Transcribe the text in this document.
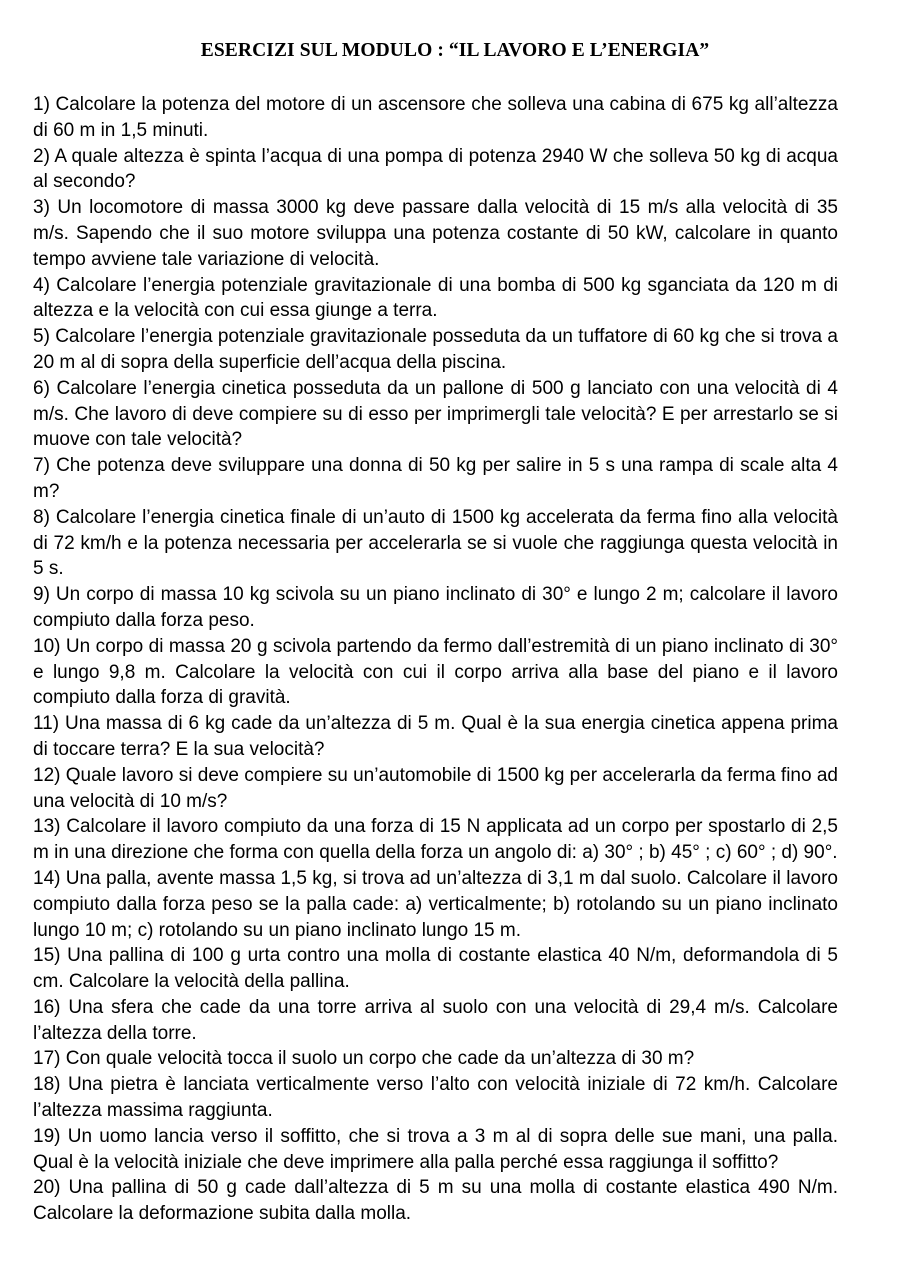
ESERCIZI SUL MODULO : “IL LAVORO E L’ENERGIA”
1) Calcolare la potenza del motore di un ascensore che solleva una cabina di 675 kg all’altezza di 60 m in 1,5 minuti.
2) A quale altezza è spinta l’acqua di una pompa di potenza 2940 W che solleva 50 kg di acqua al secondo?
3) Un locomotore di massa 3000 kg deve passare dalla velocità di 15 m/s alla velocità di 35 m/s. Sapendo che il suo motore sviluppa una potenza costante di 50 kW, calcolare in quanto tempo avviene tale variazione di velocità.
4) Calcolare l’energia potenziale gravitazionale di una bomba di 500 kg sganciata da 120 m di altezza e la velocità con cui essa giunge a terra.
5) Calcolare l’energia potenziale gravitazionale posseduta da un tuffatore di 60 kg che si trova a 20 m al di sopra della superficie dell’acqua della piscina.
6) Calcolare l’energia cinetica posseduta da un pallone di 500 g lanciato con una velocità di 4 m/s. Che lavoro di deve compiere su di esso per imprimergli tale velocità? E per arrestarlo se si muove con tale velocità?
7) Che potenza deve sviluppare una donna di 50 kg per salire in 5 s una rampa di scale alta 4 m?
8) Calcolare l’energia cinetica finale di un’auto di 1500 kg accelerata da ferma fino alla velocità di 72 km/h e la potenza necessaria per accelerarla se si vuole che raggiunga questa velocità in 5 s.
9) Un corpo di massa 10 kg scivola su un piano inclinato di 30° e lungo 2 m; calcolare il lavoro compiuto dalla forza peso.
10) Un corpo di massa 20 g scivola partendo da fermo dall’estremità di un piano inclinato di 30° e lungo 9,8 m. Calcolare la velocità con cui il corpo arriva alla base del piano e il lavoro compiuto dalla forza di gravità.
11) Una massa di 6 kg cade da un’altezza di 5 m. Qual è la sua energia cinetica appena prima di toccare terra? E la sua velocità?
12) Quale lavoro si deve compiere su un’automobile di 1500 kg per accelerarla da ferma fino ad una velocità di 10 m/s?
13) Calcolare il lavoro compiuto da una forza di 15 N applicata ad un corpo per spostarlo di 2,5 m in una direzione che forma con quella della forza un angolo di: a) 30° ; b) 45° ; c) 60° ; d) 90°.
14) Una palla, avente massa 1,5 kg, si trova ad un’altezza di 3,1 m dal suolo. Calcolare il lavoro compiuto dalla forza peso se la palla cade: a) verticalmente; b) rotolando su un piano inclinato lungo 10 m; c) rotolando su un piano inclinato lungo 15 m.
15) Una pallina di 100 g urta contro una molla di costante elastica 40 N/m, deformandola di 5 cm. Calcolare la velocità della pallina.
16) Una sfera che cade da una torre arriva al suolo con una velocità di 29,4 m/s. Calcolare l’altezza della torre.
17) Con quale velocità tocca il suolo un corpo che cade da un’altezza di 30 m?
18) Una pietra è lanciata verticalmente verso l’alto con velocità iniziale di 72 km/h. Calcolare l’altezza massima raggiunta.
19) Un uomo lancia verso il soffitto, che si trova a 3 m al di sopra delle sue mani, una palla. Qual è la velocità iniziale che deve imprimere alla palla perché essa raggiunga il soffitto?
20) Una pallina di 50 g cade dall’altezza di 5 m su una molla di costante elastica 490 N/m. Calcolare la deformazione subita dalla molla.
